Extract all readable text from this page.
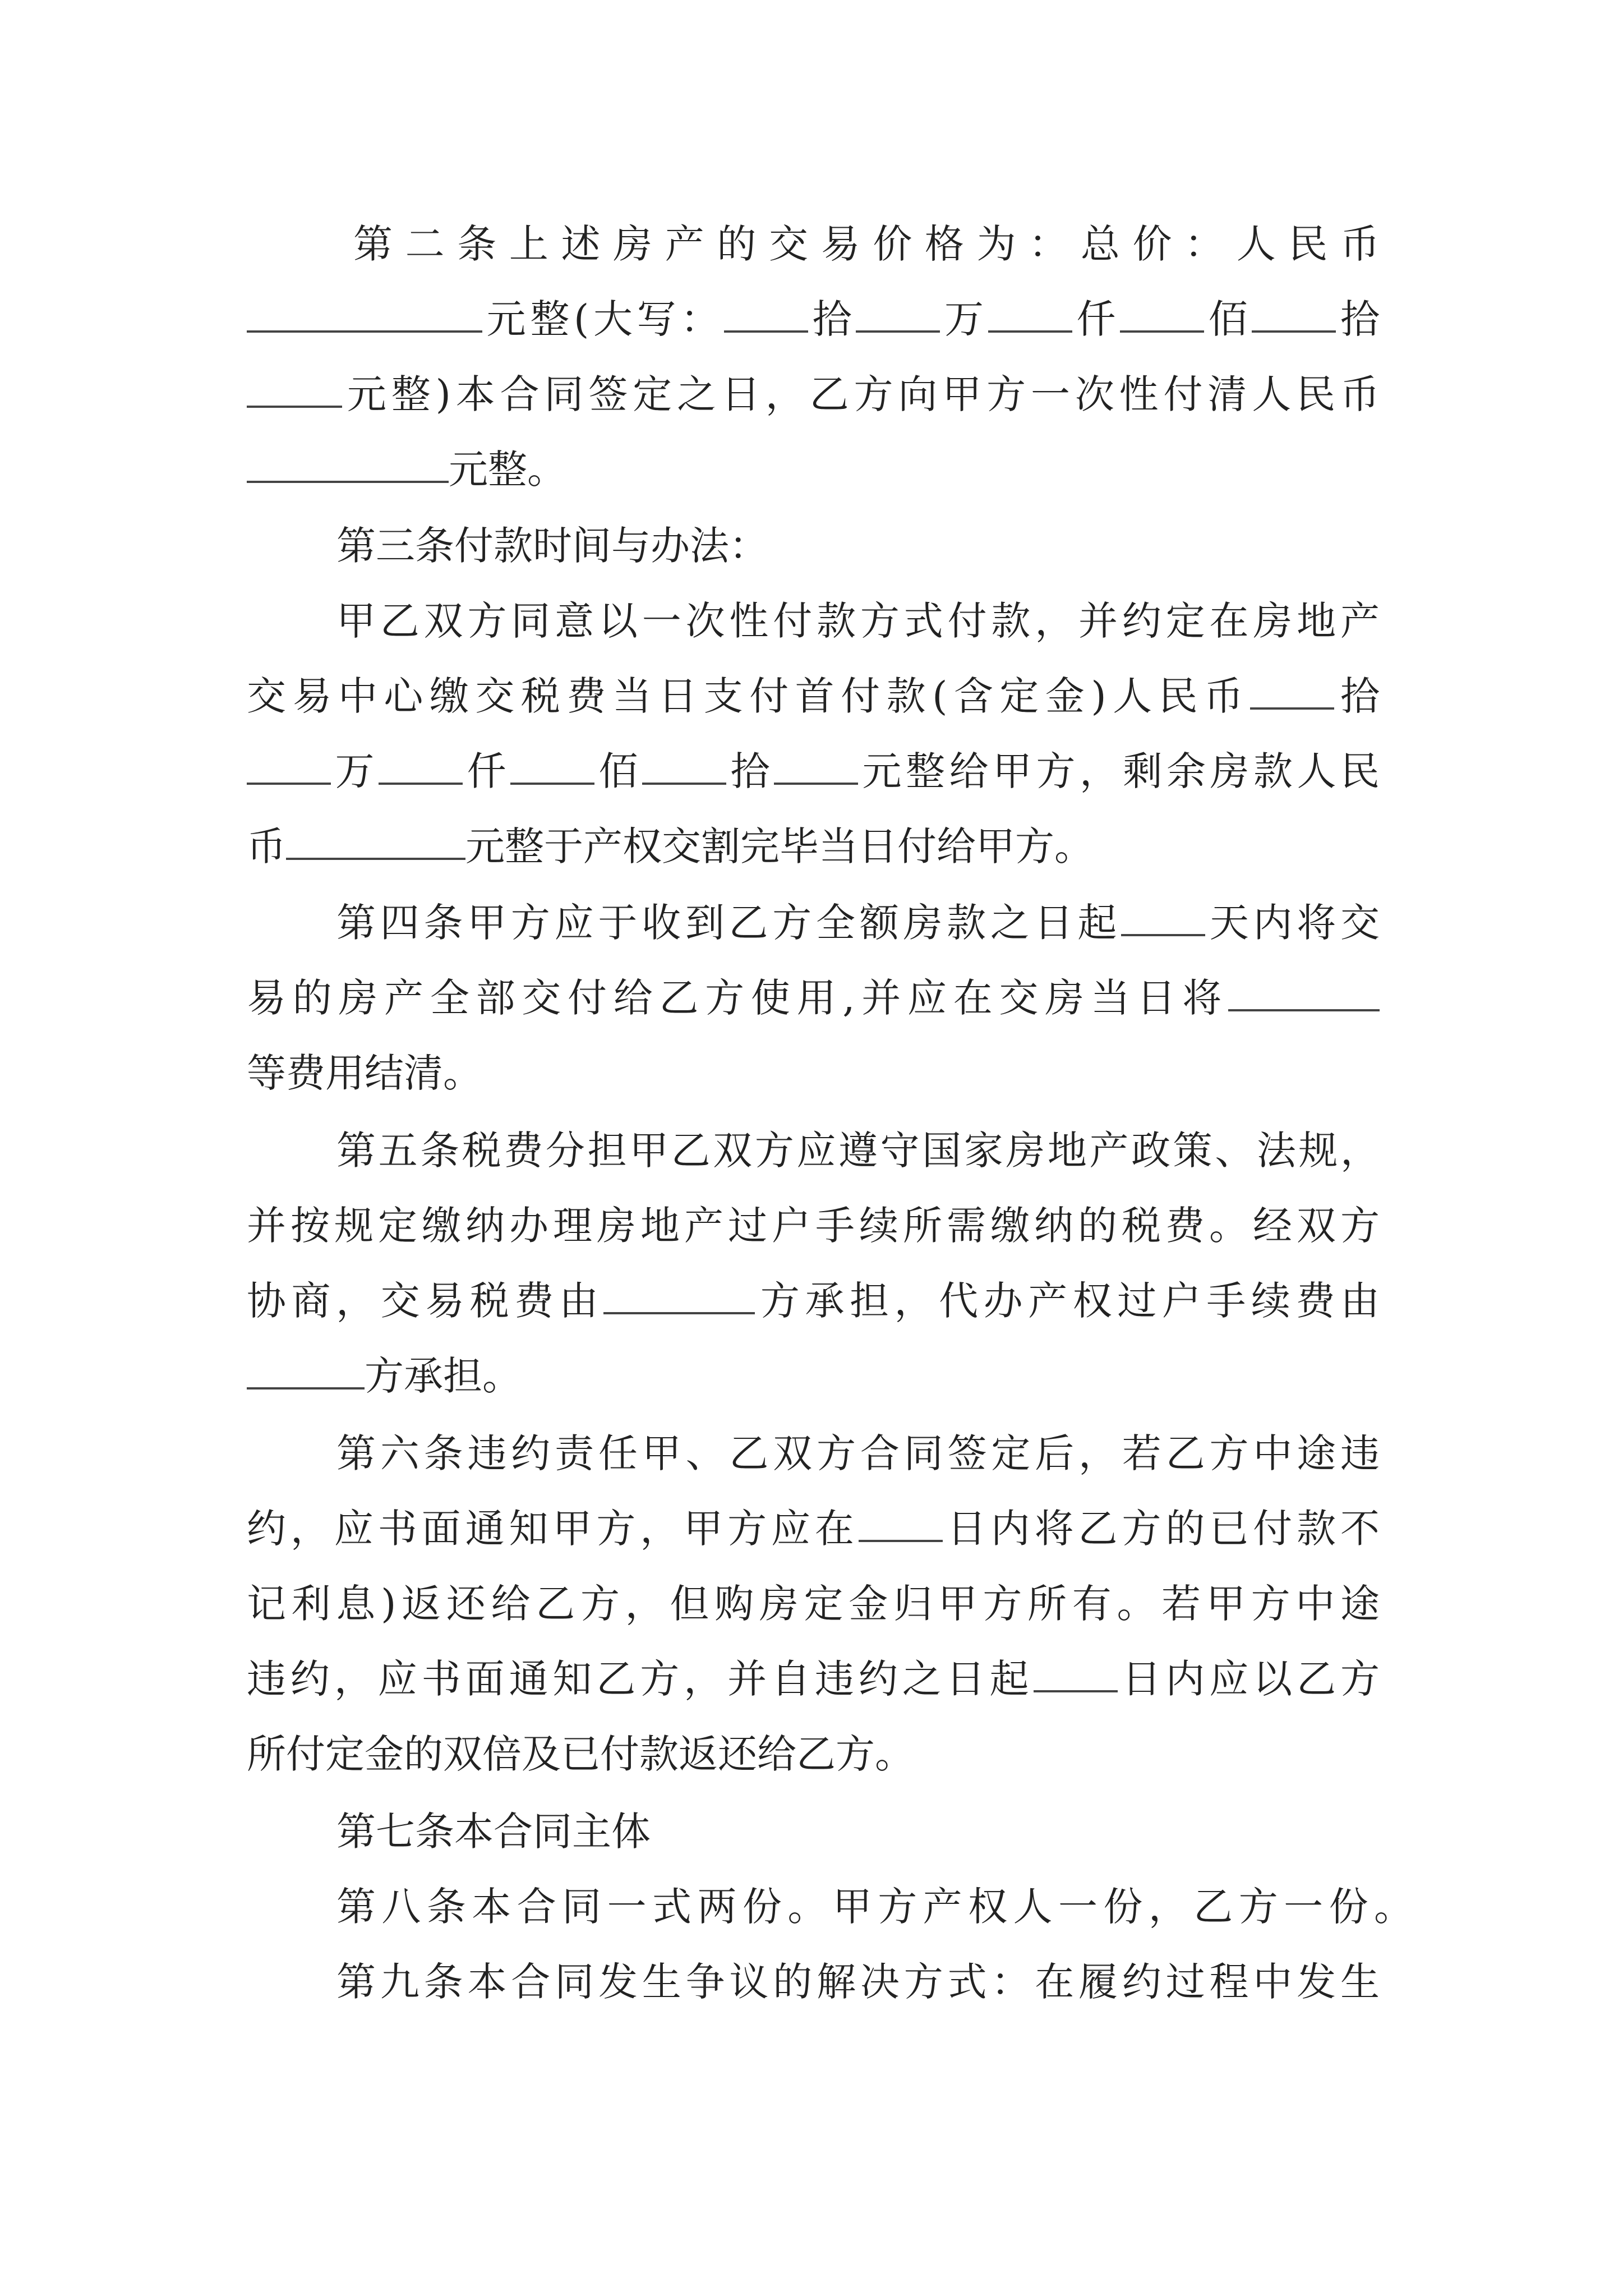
第二条上述房产的交易价格为：总价：人民币
元整(大写： 拾 万 仟 佰 拾
元整)本合同签定之日，乙方向甲方一次性付清人民币
元整。
第三条付款时间与办法：
甲乙双方同意以一次性付款方式付款，并约定在房地产
交易中心缴交税费当日支付首付款(含定金)人民币 拾
万 仟 佰 拾 元整给甲方，剩余房款人民
币	元整于产权交割完毕当日付给甲方。
第四条甲方应于收到乙方全额房款之日起 天内将交
易的房产全部交付给乙方使用,并应在交房当日将
等费用结清。
第五条税费分担甲乙双方应遵守国家房地产政策、法规，
并按规定缴纳办理房地产过户手续所需缴纳的税费。经双方
协商，交易税费由	方承担，代办产权过户手续费由
方承担。
第六条违约责任甲、乙双方合同签定后，若乙方中途违
约，应书面通知甲方，甲方应在 日内将乙方的已付款不
记利息)返还给乙方，但购房定金归甲方所有。若甲方中途
违约，应书面通知乙方，并自违约之日起 日内应以乙方
所付定金的双倍及已付款返还给乙方。
第七条本合同主体
第八条本合同一式两份。甲方产权人一份，乙方一份。
第九条本合同发生争议的解决方式：在履约过程中发生
